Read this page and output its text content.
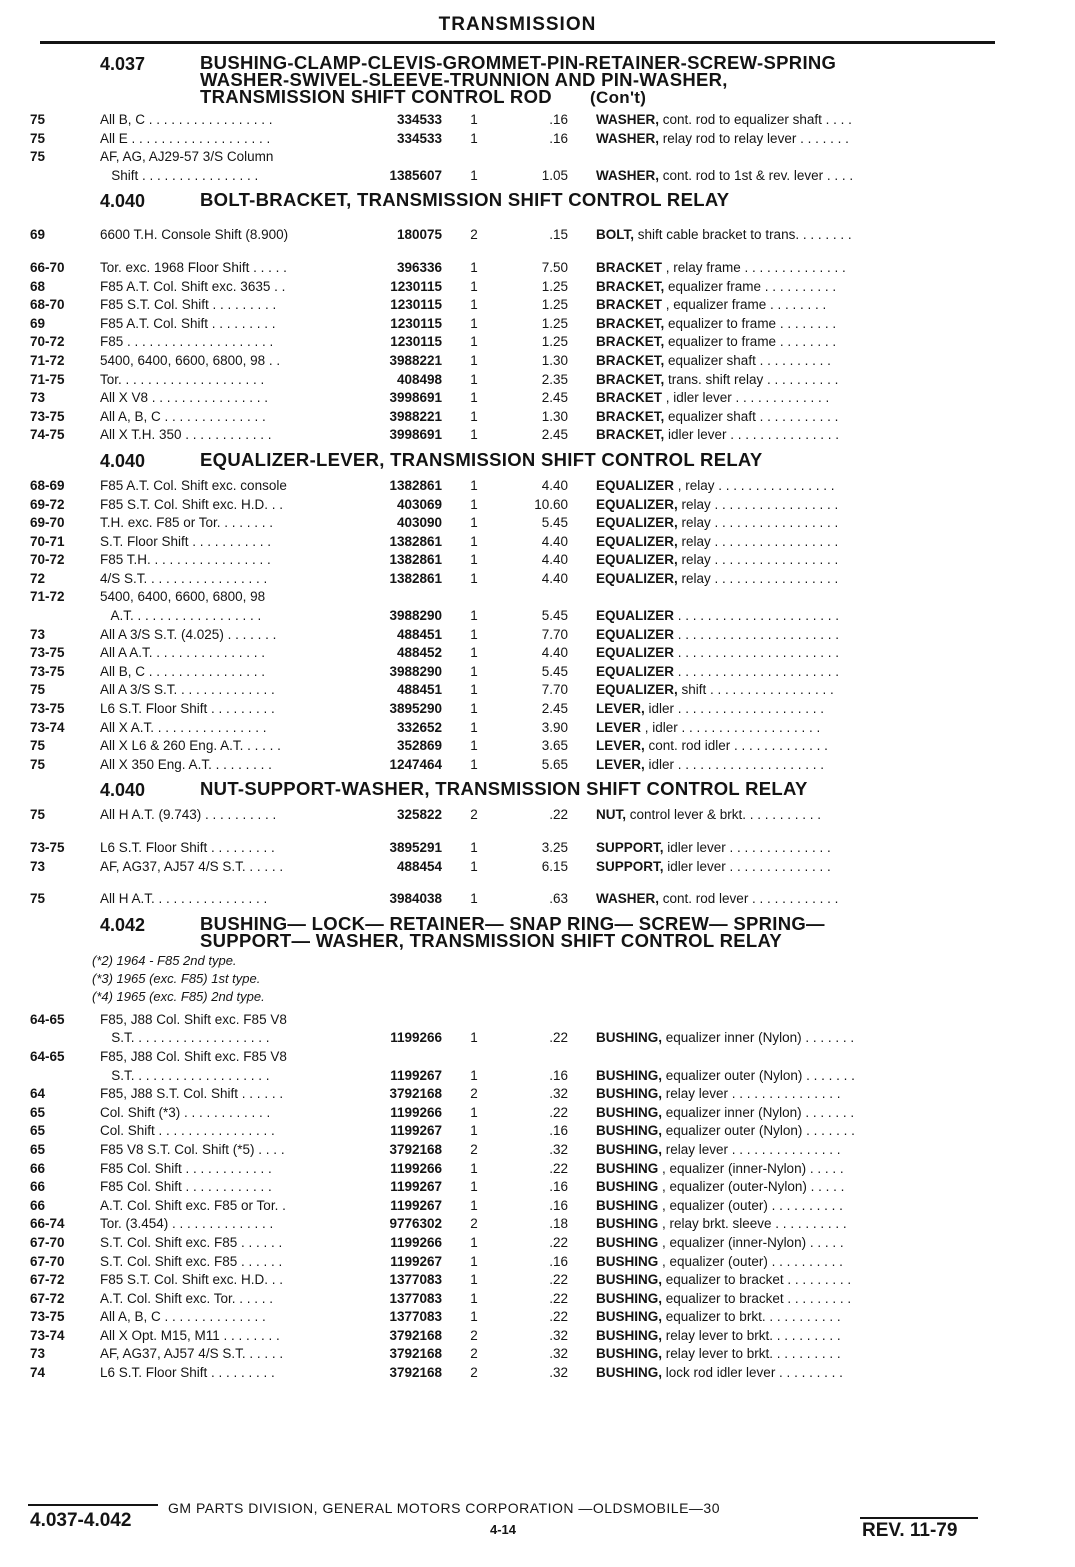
TRANSMISSION
4.037	BUSHING-CLAMP-CLEVIS-GROMMET-PIN-RETAINER-SCREW-SPRING
WASHER-SWIVEL-SLEEVE-TRUNNION AND PIN-WASHER,
TRANSMISSION SHIFT CONTROL ROD (Con't)
75	All B, C . . . . . . . . . . . . . . . . .	334533	1	.16	WASHER, cont. rod to equalizer shaft . . . .
75	All E . . . . . . . . . . . . . . . . . . .	334533	1	.16	WASHER, relay rod to relay lever . . . . . . .
75	AF, AG, AJ29-57 3/S Column
Shift . . . . . . . . . . . . . . . .	1385607	1	1.05	WASHER, cont. rod to 1st & rev. lever . . . .
4.040	BOLT-BRACKET, TRANSMISSION SHIFT CONTROL RELAY
69	6600 T.H. Console Shift (8.900)	180075	2	.15	BOLT, shift cable bracket to trans. . . . . . . .
66-70	Tor. exc. 1968 Floor Shift . . . . .	396336	1	7.50	BRACKET , relay frame . . . . . . . . . . . . . .
68	F85 A.T. Col. Shift exc. 3635 . .	1230115	1	1.25	BRACKET, equalizer frame . . . . . . . . . .
68-70	F85 S.T. Col. Shift . . . . . . . . .	1230115	1	1.25	BRACKET , equalizer frame . . . . . . . .
69	F85 A.T. Col. Shift . . . . . . . . .	1230115	1	1.25	BRACKET, equalizer to frame . . . . . . . .
70-72	F85 . . . . . . . . . . . . . . . . . . . .	1230115	1	1.25	BRACKET, equalizer to frame . . . . . . . .
71-72	5400, 6400, 6600, 6800, 98 . .	3988221	1	1.30	BRACKET, equalizer shaft . . . . . . . . . .
71-75	Tor. . . . . . . . . . . . . . . . . . . .	408498	1	2.35	BRACKET, trans. shift relay . . . . . . . . . .
73	All X V8 . . . . . . . . . . . . . . . .	3998691	1	2.45	BRACKET , idler lever . . . . . . . . . . . . .
73-75	All A, B, C . . . . . . . . . . . . . .	3988221	1	1.30	BRACKET, equalizer shaft . . . . . . . . . . .
74-75	All X T.H. 350 . . . . . . . . . . . .	3998691	1	2.45	BRACKET, idler lever . . . . . . . . . . . . . . .
4.040	EQUALIZER-LEVER, TRANSMISSION SHIFT CONTROL RELAY
68-69	F85 A.T. Col. Shift exc. console	1382861	1	4.40	EQUALIZER , relay . . . . . . . . . . . . . . . .
69-72	F85 S.T. Col. Shift exc. H.D. . .	403069	1	10.60	EQUALIZER, relay . . . . . . . . . . . . . . . . .
69-70	T.H. exc. F85 or Tor. . . . . . . .	403090	1	5.45	EQUALIZER, relay . . . . . . . . . . . . . . . . .
70-71	S.T. Floor Shift . . . . . . . . . . .	1382861	1	4.40	EQUALIZER, relay . . . . . . . . . . . . . . . . .
70-72	F85 T.H. . . . . . . . . . . . . . . . .	1382861	1	4.40	EQUALIZER, relay . . . . . . . . . . . . . . . . .
72	4/S S.T. . . . . . . . . . . . . . . . .	1382861	1	4.40	EQUALIZER, relay . . . . . . . . . . . . . . . . .
71-72	5400, 6400, 6600, 6800, 98
A.T. . . . . . . . . . . . . . . . . .	3988290	1	5.45	EQUALIZER . . . . . . . . . . . . . . . . . . . . . .
73	All A 3/S S.T. (4.025) . . . . . . .	488451	1	7.70	EQUALIZER . . . . . . . . . . . . . . . . . . . . . .
73-75	All A A.T. . . . . . . . . . . . . . . .	488452	1	4.40	EQUALIZER . . . . . . . . . . . . . . . . . . . . . .
73-75	All B, C . . . . . . . . . . . . . . . .	3988290	1	5.45	EQUALIZER . . . . . . . . . . . . . . . . . . . . . .
75	All A 3/S S.T. . . . . . . . . . . . . .	488451	1	7.70	EQUALIZER, shift . . . . . . . . . . . . . . . . .
73-75	L6 S.T. Floor Shift . . . . . . . . .	3895290	1	2.45	LEVER, idler . . . . . . . . . . . . . . . . . . . .
73-74	All X A.T. . . . . . . . . . . . . . . .	332652	1	3.90	LEVER , idler . . . . . . . . . . . . . . . . . . .
75	All X L6 & 260 Eng. A.T. . . . . .	352869	1	3.65	LEVER, cont. rod idler . . . . . . . . . . . . .
75	All X 350 Eng. A.T. . . . . . . . .	1247464	1	5.65	LEVER, idler . . . . . . . . . . . . . . . . . . . .
4.040	NUT-SUPPORT-WASHER, TRANSMISSION SHIFT CONTROL RELAY
75	All H A.T. (9.743) . . . . . . . . . .	325822	2	.22	NUT, control lever & brkt. . . . . . . . . . .
73-75	L6 S.T. Floor Shift . . . . . . . . .	3895291	1	3.25	SUPPORT, idler lever . . . . . . . . . . . . . .
73	AF, AG37, AJ57 4/S S.T. . . . . .	488454	1	6.15	SUPPORT, idler lever . . . . . . . . . . . . . .
75	All H A.T. . . . . . . . . . . . . . . .	3984038	1	.63	WASHER, cont. rod lever . . . . . . . . . . . .
4.042	BUSHING— LOCK— RETAINER— SNAP RING— SCREW— SPRING—
SUPPORT— WASHER, TRANSMISSION SHIFT CONTROL RELAY
(*2) 1964 - F85 2nd type.
(*3) 1965 (exc. F85) 1st type.
(*4) 1965 (exc. F85) 2nd type.
64-65	F85, J88 Col. Shift exc. F85 V8
S.T. . . . . . . . . . . . . . . . . . .	1199266	1	.22	BUSHING, equalizer inner (Nylon) . . . . . . .
64-65	F85, J88 Col. Shift exc. F85 V8
S.T. . . . . . . . . . . . . . . . . . .	1199267	1	.16	BUSHING, equalizer outer (Nylon) . . . . . . .
64	F85, J88 S.T. Col. Shift . . . . . .	3792168	2	.32	BUSHING, relay lever . . . . . . . . . . . . . . .
65	Col. Shift (*3) . . . . . . . . . . . .	1199266	1	.22	BUSHING, equalizer inner (Nylon) . . . . . . .
65	Col. Shift . . . . . . . . . . . . . . . .	1199267	1	.16	BUSHING, equalizer outer (Nylon) . . . . . . .
65	F85 V8 S.T. Col. Shift (*5) . . . .	3792168	2	.32	BUSHING, relay lever . . . . . . . . . . . . . . .
66	F85 Col. Shift . . . . . . . . . . . .	1199266	1	.22	BUSHING , equalizer (inner-Nylon) . . . . .
66	F85 Col. Shift . . . . . . . . . . . .	1199267	1	.16	BUSHING , equalizer (outer-Nylon) . . . . .
66	A.T. Col. Shift exc. F85 or Tor. .	1199267	1	.16	BUSHING , equalizer (outer) . . . . . . . . . .
66-74	Tor. (3.454) . . . . . . . . . . . . . .	9776302	2	.18	BUSHING , relay brkt. sleeve . . . . . . . . . .
67-70	S.T. Col. Shift exc. F85 . . . . . .	1199266	1	.22	BUSHING , equalizer (inner-Nylon) . . . . .
67-70	S.T. Col. Shift exc. F85 . . . . . .	1199267	1	.16	BUSHING , equalizer (outer) . . . . . . . . . .
67-72	F85 S.T. Col. Shift exc. H.D. . .	1377083	1	.22	BUSHING, equalizer to bracket . . . . . . . . .
67-72	A.T. Col. Shift exc. Tor. . . . . .	1377083	1	.22	BUSHING, equalizer to bracket . . . . . . . . .
73-75	All A, B, C . . . . . . . . . . . . . .	1377083	1	.22	BUSHING, equalizer to brkt. . . . . . . . . . .
73-74	All X Opt. M15, M11 . . . . . . . .	3792168	2	.32	BUSHING, relay lever to brkt. . . . . . . . . .
73	AF, AG37, AJ57 4/S S.T. . . . . .	3792168	2	.32	BUSHING, relay lever to brkt. . . . . . . . . .
74	L6 S.T. Floor Shift . . . . . . . . .	3792168	2	.32	BUSHING, lock rod idler lever . . . . . . . . .
4.037-4.042
GM PARTS DIVISION, GENERAL MOTORS CORPORATION —OLDSMOBILE—30
4-14	REV. 11-79
